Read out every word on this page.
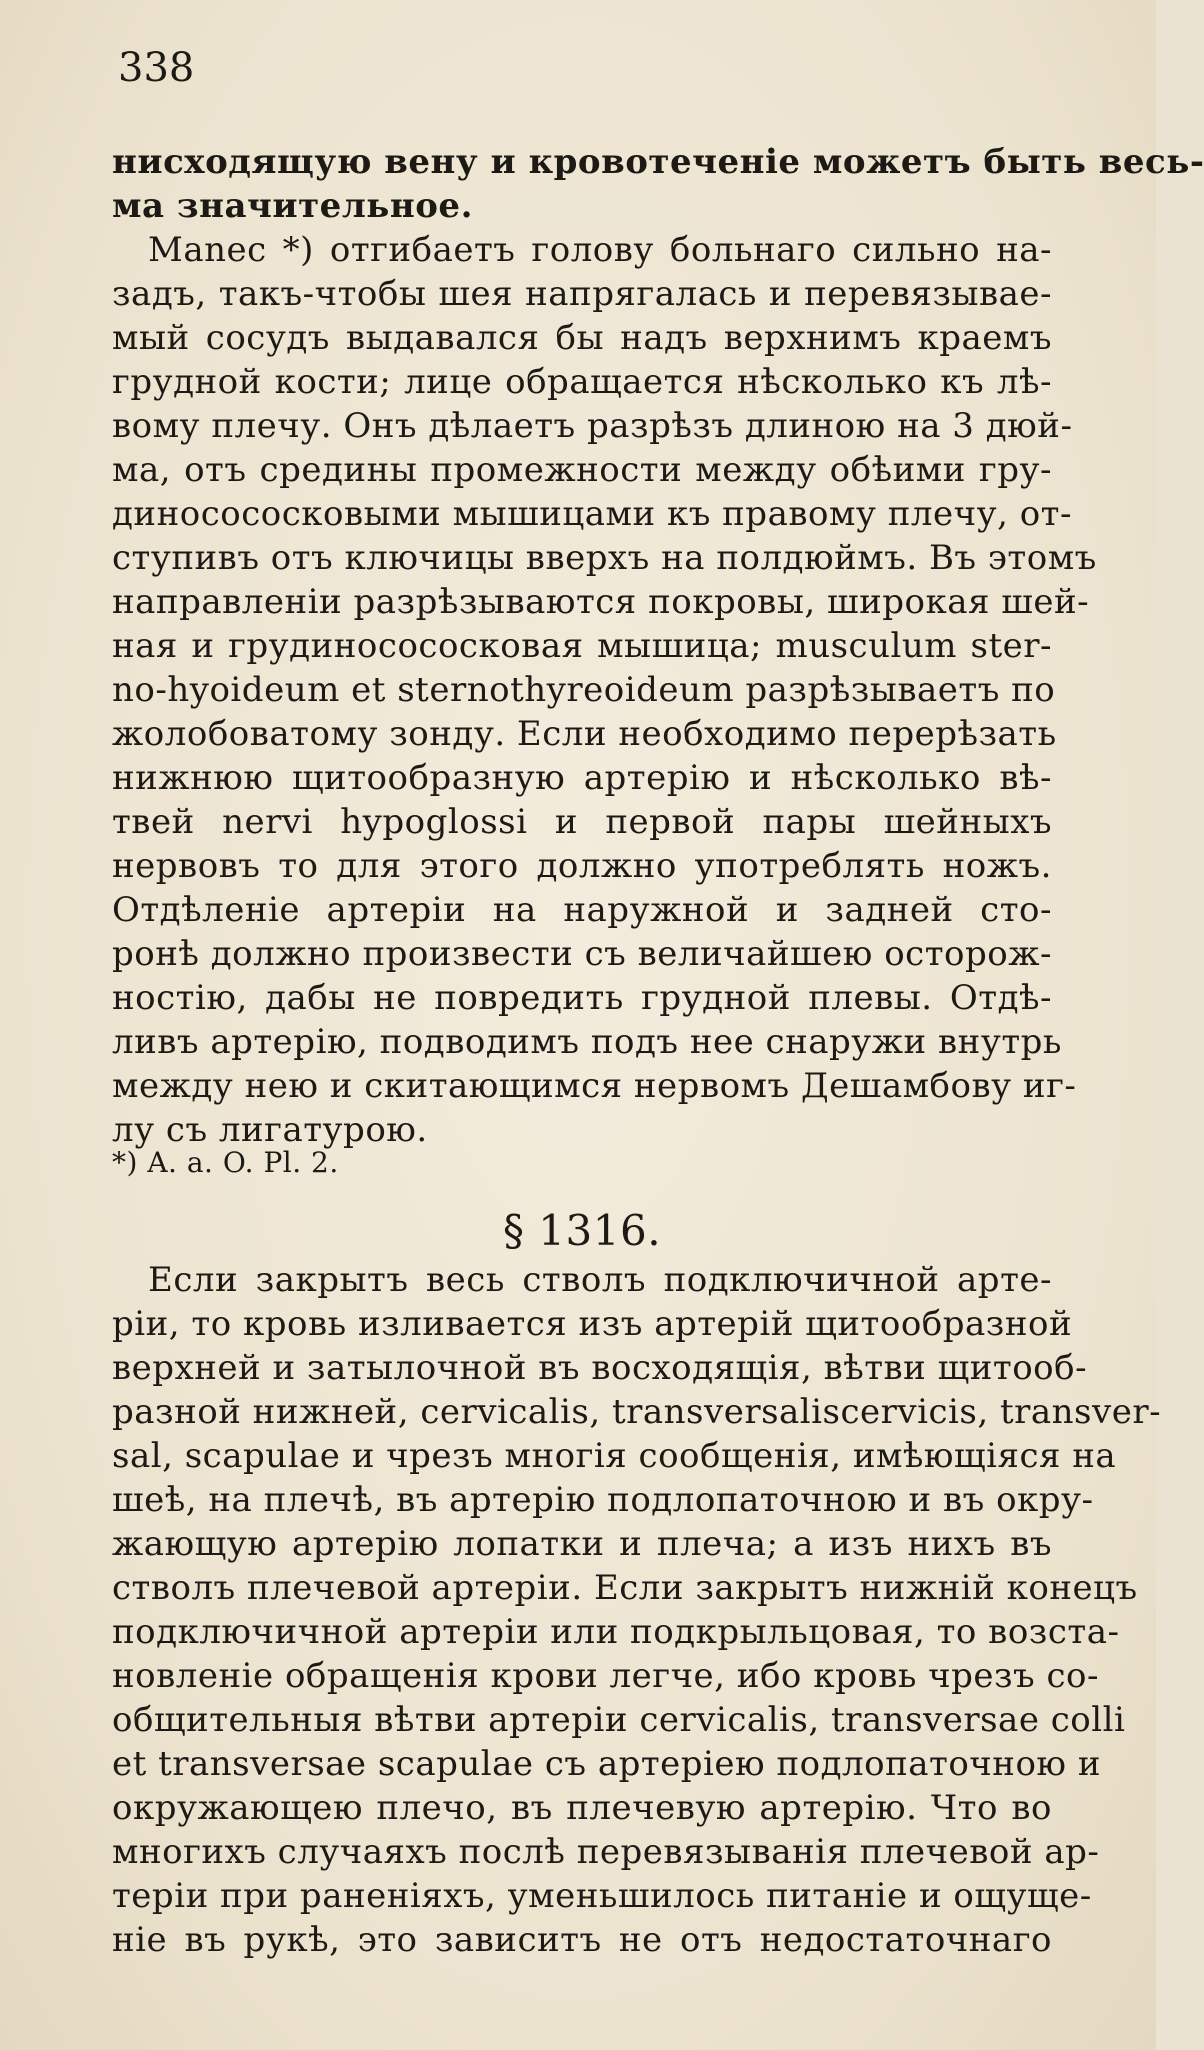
338
нисходящую вену и кровотеченіе можетъ быть весь-
ма значительное.
Manec *) отгибаетъ голову больнаго сильно на-
задъ, такъ-чтобы шея напрягалась и перевязывае-
мый сосудъ выдавался бы надъ верхнимъ краемъ
грудной кости; лице обращается нѣсколько къ лѣ-
вому плечу. Онъ дѣлаетъ разрѣзъ длиною на 3 дюй-
ма, отъ средины промежности между обѣими гру-
диносососковыми мышицами къ правому плечу, от-
ступивъ отъ ключицы вверхъ на полдюймъ. Въ этомъ
направленіи разрѣзываются покровы, широкая шей-
ная и грудиносососковая мышица; musculum ster-
no-hyoideum et sternothyreoideum разрѣзываетъ по
жолобоватому зонду. Если необходимо перерѣзать
нижнюю щитообразную артерію и нѣсколько вѣ-
твей nervi hypoglossi и первой пары шейныхъ
нервовъ то для этого должно употреблять ножъ.
Отдѣленіе артеріи на наружной и задней сто-
ронѣ должно произвести съ величайшею осторож-
ностію, дабы не повредить грудной плевы. Отдѣ-
ливъ артерію, подводимъ подъ нее снаружи внутрь
между нею и скитающимся нервомъ Дешамбову иг-
лу съ лигатурою.
*) A. a. O. Pl. 2.
§ 1316.
Если закрытъ весь стволъ подключичной арте-
ріи, то кровь изливается изъ артерій щитообразной
верхней и затылочной въ восходящія, вѣтви щитооб-
разной нижней, cervicalis, transversaliscervicis, transver-
sal, scapulae и чрезъ многія сообщенія, имѣющіяся на
шеѣ, на плечѣ, въ артерію подлопаточною и въ окру-
жающую артерію лопатки и плеча; а изъ нихъ въ
стволъ плечевой артеріи. Если закрытъ нижній конецъ
подключичной артеріи или подкрыльцовая, то возста-
новленіе обращенія крови легче, ибо кровь чрезъ со-
общительныя вѣтви артеріи cervicalis, transversae colli
et transversae scapulae съ артеріею подлопаточною и
окружающею плечо, въ плечевую артерію. Что во
многихъ случаяхъ послѣ перевязыванія плечевой ар-
теріи при раненіяхъ, уменьшилось питаніе и ощуще-
ніе въ рукѣ, это зависитъ не отъ недостаточнаго
